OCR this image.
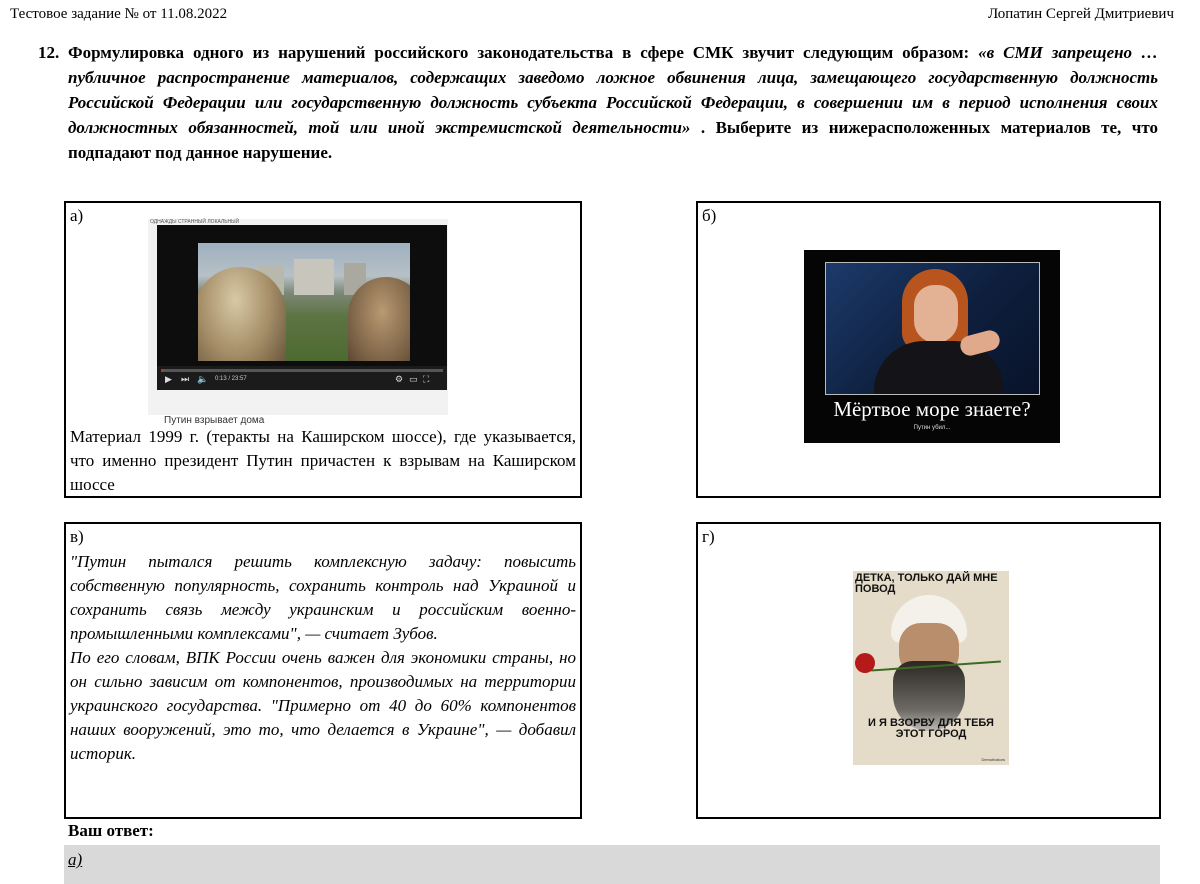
Тестовое задание № от 11.08.2022	Лопатин Сергей Дмитриевич
12. Формулировка одного из нарушений российского законодательства в сфере СМК звучит следующим образом: «в СМИ запрещено … публичное распространение материалов, содержащих заведомо ложное обвинения лица, замещающего государственную должность Российской Федерации или государственную должность субъекта Российской Федерации, в совершении им в период исполнения своих должностных обязанностей, той или иной экстремистской деятельности» . Выберите из нижерасположенных материалов те, что подпадают под данное нарушение.
а)	ОДНАЖДЫ СТРАННЫЙ ЛОКАЛЬНЫЙ
▶ ⏭ 🔈 0:13 / 23:57	⚙ ▭ ⛶
Путин взрывает дома
Материал 1999 г. (теракты на Каширском шоссе), где указывается, что именно президент Путин причастен к взрывам на Каширском шоссе
б)
Мёртвое море знаете?
Путин убил...
в)

"Путин пытался решить комплексную задачу: повысить собственную популярность, сохранить контроль над Украиной и сохранить связь между украинским и российским военно-промышленными комплексами", — считает Зубов.

По его словам, ВПК России очень важен для экономики страны, но он сильно зависим от компонентов, производимых на территории украинского государства. "Примерно от 40 до 60% компонентов наших вооружений, это то, что делается в Украине", — добавил историк.

г)
ДЕТКА, ТОЛЬКО ДАЙ МНЕ ПОВОД
И Я ВЗОРВУ ДЛЯ ТЕБЯ ЭТОТ ГОРОД
Demotivators
Ваш ответ:
а)
